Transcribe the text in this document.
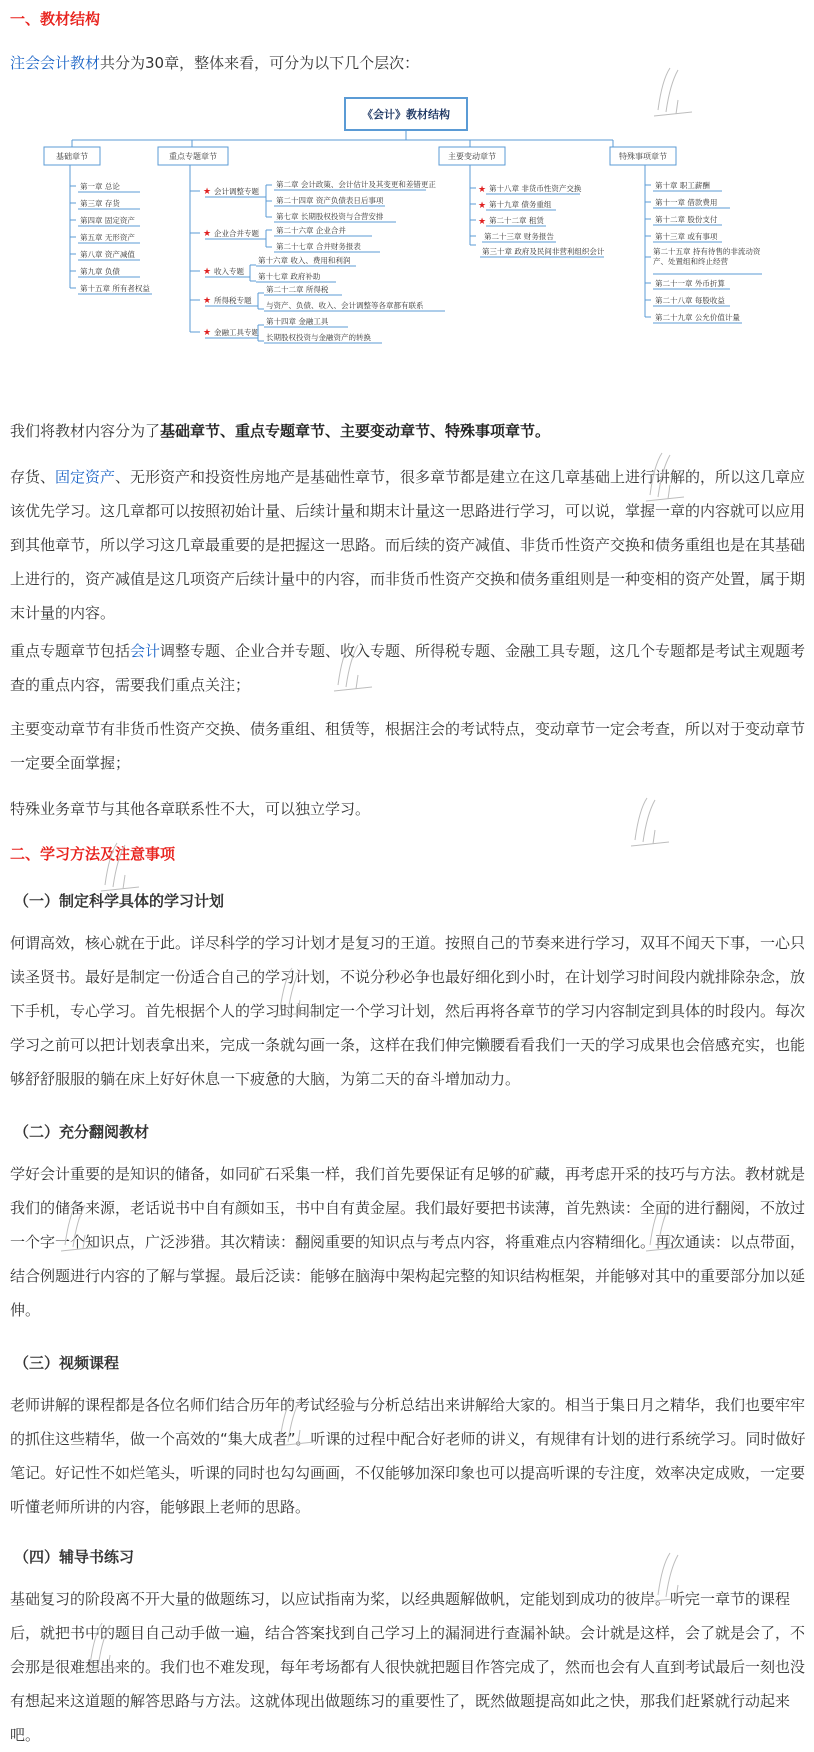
一、教材结构
注会会计教材共分为30章，整体来看，可分为以下几个层次：
《会计》教材结构
基础章节	重点专题章节	主要变动章节	特殊事项章节
第一章 总论
第三章 存货
第四章 固定资产
第五章 无形资产
第八章 资产减值
第九章 负债
第十五章 所有者权益
★ 会计调整专题
第二章 会计政策、会计估计及其变更和差错更正
第二十四章 资产负债表日后事项
第七章 长期股权投资与合营安排
★ 企业合并专题 第二十六章 企业合并
第二十七章 合并财务报表
★ 收入专题
第十六章 收入、费用和利润
第十七章 政府补助
★ 所得税专题
第二十二章 所得税
与资产、负债、收入、会计调整等各章都有联系
★ 金融工具专题
第十四章 金融工具
长期股权投资与金融资产的转换
★ 第十八章 非货币性资产交换
★ 第十九章 债务重组
★ 第二十二章 租赁
第二十三章 财务报告
第三十章 政府及民间非营利组织会计
第十章 职工薪酬
第十一章 借款费用
第十二章 股份支付
第十三章 或有事项
第二十五章 持有待售的非流动资产、处置组和终止经营
第二十一章 外币折算
第二十八章 每股收益
第二十九章 公允价值计量
我们将教材内容分为了基础章节、重点专题章节、主要变动章节、特殊事项章节。
存货、固定资产、无形资产和投资性房地产是基础性章节，很多章节都是建立在这几章基础上进行讲解的，所以这几章应该优先学习。这几章都可以按照初始计量、后续计量和期末计量这一思路进行学习，可以说，掌握一章的内容就可以应用到其他章节，所以学习这几章最重要的是把握这一思路。而后续的资产减值、非货币性资产交换和债务重组也是在其基础上进行的，资产减值是这几项资产后续计量中的内容，而非货币性资产交换和债务重组则是一种变相的资产处置，属于期末计量的内容。
重点专题章节包括会计调整专题、企业合并专题、收入专题、所得税专题、金融工具专题，这几个专题都是考试主观题考查的重点内容，需要我们重点关注；
主要变动章节有非货币性资产交换、债务重组、租赁等，根据注会的考试特点，变动章节一定会考查，所以对于变动章节一定要全面掌握；
特殊业务章节与其他各章联系性不大，可以独立学习。
二、学习方法及注意事项
（一）制定科学具体的学习计划
何谓高效，核心就在于此。详尽科学的学习计划才是复习的王道。按照自己的节奏来进行学习，双耳不闻天下事，一心只读圣贤书。最好是制定一份适合自己的学习计划，不说分秒必争也最好细化到小时，在计划学习时间段内就排除杂念，放下手机，专心学习。首先根据个人的学习时间制定一个学习计划，然后再将各章节的学习内容制定到具体的时段内。每次学习之前可以把计划表拿出来，完成一条就勾画一条，这样在我们伸完懒腰看看我们一天的学习成果也会倍感充实，也能够舒舒服服的躺在床上好好休息一下疲惫的大脑，为第二天的奋斗增加动力。
（二）充分翻阅教材
学好会计重要的是知识的储备，如同矿石采集一样，我们首先要保证有足够的矿藏，再考虑开采的技巧与方法。教材就是我们的储备来源，老话说书中自有颜如玉，书中自有黄金屋。我们最好要把书读薄，首先熟读：全面的进行翻阅，不放过一个字一个知识点，广泛涉猎。其次精读：翻阅重要的知识点与考点内容，将重难点内容精细化。再次通读：以点带面，结合例题进行内容的了解与掌握。最后泛读：能够在脑海中架构起完整的知识结构框架，并能够对其中的重要部分加以延伸。
（三）视频课程
老师讲解的课程都是各位名师们结合历年的考试经验与分析总结出来讲解给大家的。相当于集日月之精华，我们也要牢牢的抓住这些精华，做一个高效的“集大成者”。听课的过程中配合好老师的讲义，有规律有计划的进行系统学习。同时做好笔记。好记性不如烂笔头，听课的同时也勾勾画画，不仅能够加深印象也可以提高听课的专注度，效率决定成败，一定要听懂老师所讲的内容，能够跟上老师的思路。
（四）辅导书练习
基础复习的阶段离不开大量的做题练习，以应试指南为桨，以经典题解做帆，定能划到成功的彼岸。听完一章节的课程后，就把书中的题目自己动手做一遍，结合答案找到自己学习上的漏洞进行查漏补缺。会计就是这样，会了就是会了，不会那是很难想出来的。我们也不难发现，每年考场都有人很快就把题目作答完成了，然而也会有人直到考试最后一刻也没有想起来这道题的解答思路与方法。这就体现出做题练习的重要性了，既然做题提高如此之快，那我们赶紧就行动起来吧。
